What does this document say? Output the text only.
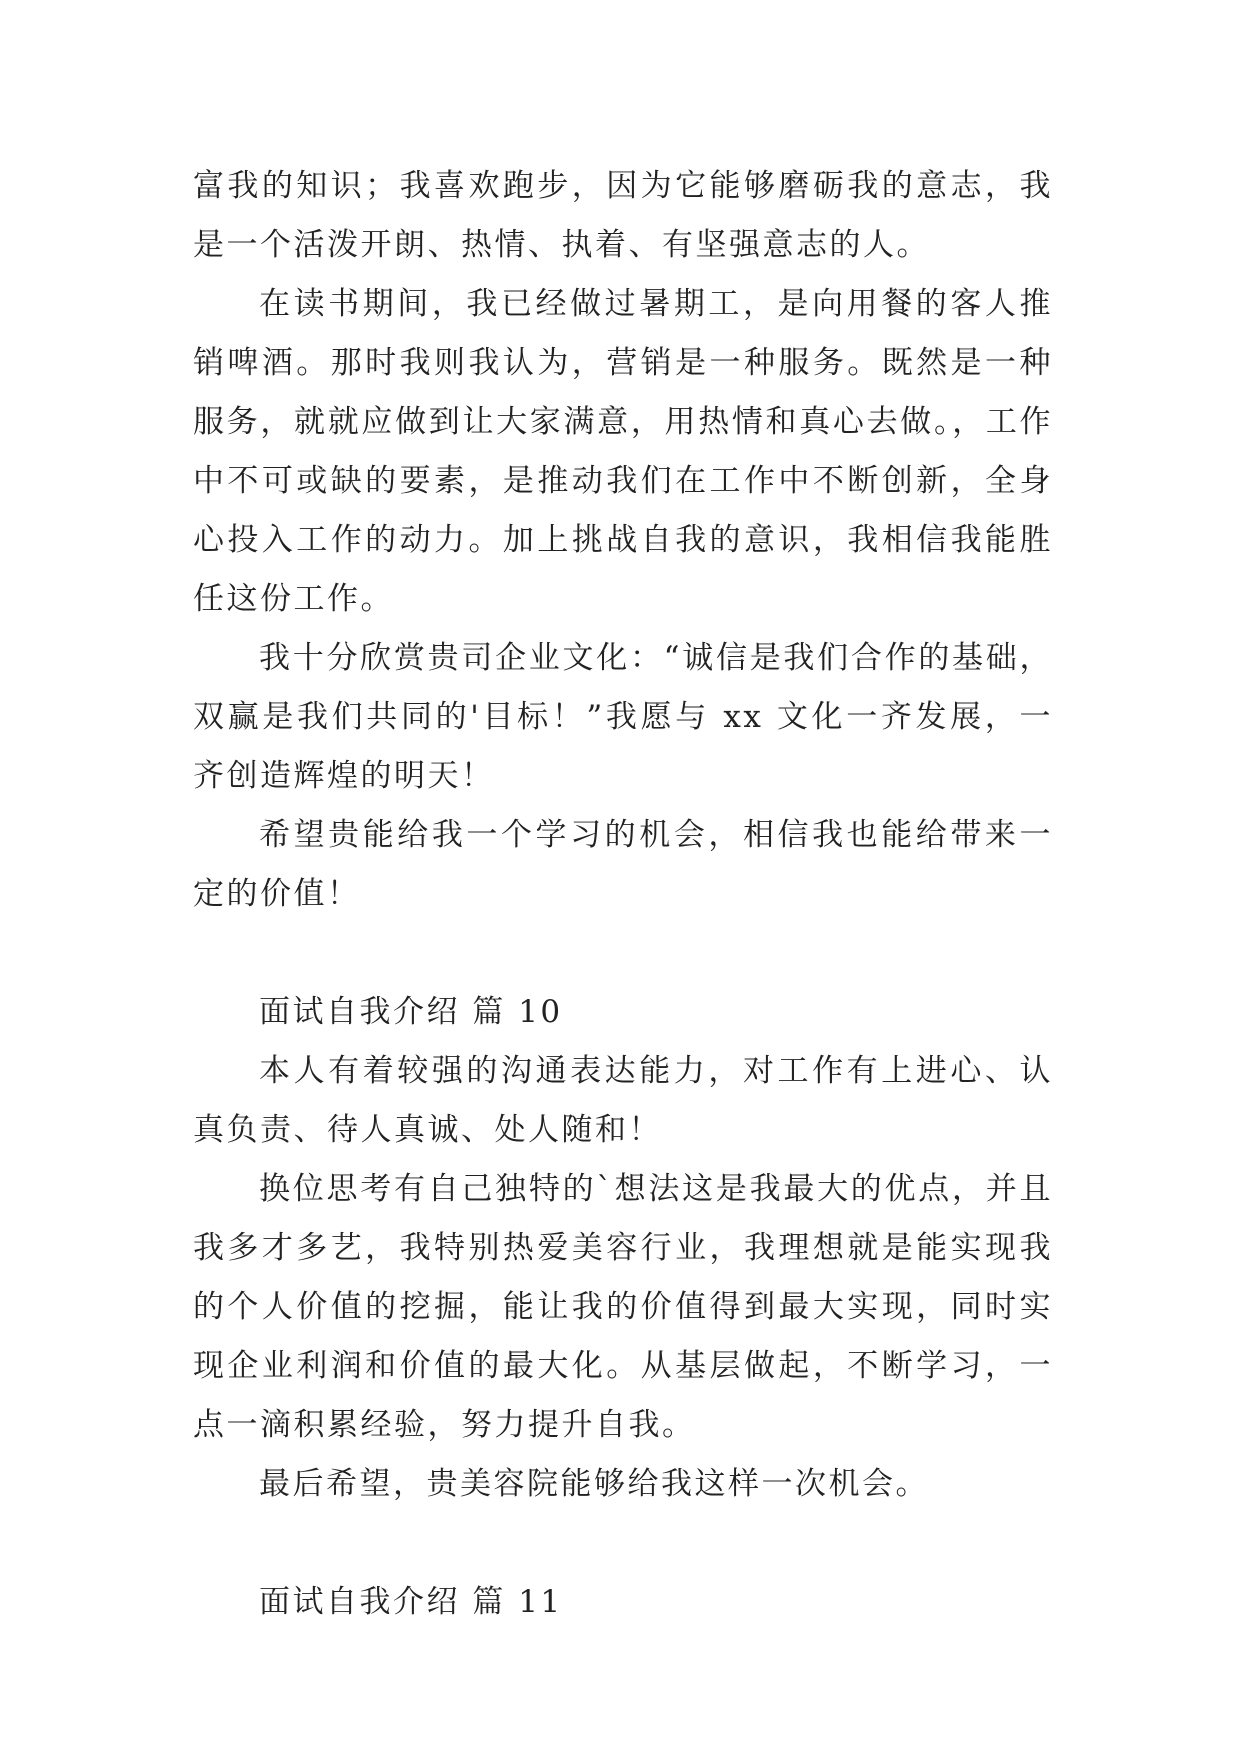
富我的知识；我喜欢跑步，因为它能够磨砺我的意志，我是一个活泼开朗、热情、执着、有坚强意志的人。

在读书期间，我已经做过暑期工，是向用餐的客人推销啤酒。那时我则我认为，营销是一种服务。既然是一种服务，就就应做到让大家满意，用热情和真心去做。，工作中不可或缺的要素，是推动我们在工作中不断创新，全身心投入工作的动力。加上挑战自我的意识，我相信我能胜任这份工作。

我十分欣赏贵司企业文化：“诚信是我们合作的基础，双赢是我们共同的'目标！”我愿与 xx 文化一齐发展，一齐创造辉煌的明天！

希望贵能给我一个学习的机会，相信我也能给带来一定的价值！

面试自我介绍 篇 10

本人有着较强的沟通表达能力，对工作有上进心、认真负责、待人真诚、处人随和！

换位思考有自己独特的`想法这是我最大的优点，并且我多才多艺，我特别热爱美容行业，我理想就是能实现我的个人价值的挖掘，能让我的价值得到最大实现，同时实现企业利润和价值的最大化。从基层做起，不断学习，一点一滴积累经验，努力提升自我。

最后希望，贵美容院能够给我这样一次机会。

面试自我介绍 篇 11
